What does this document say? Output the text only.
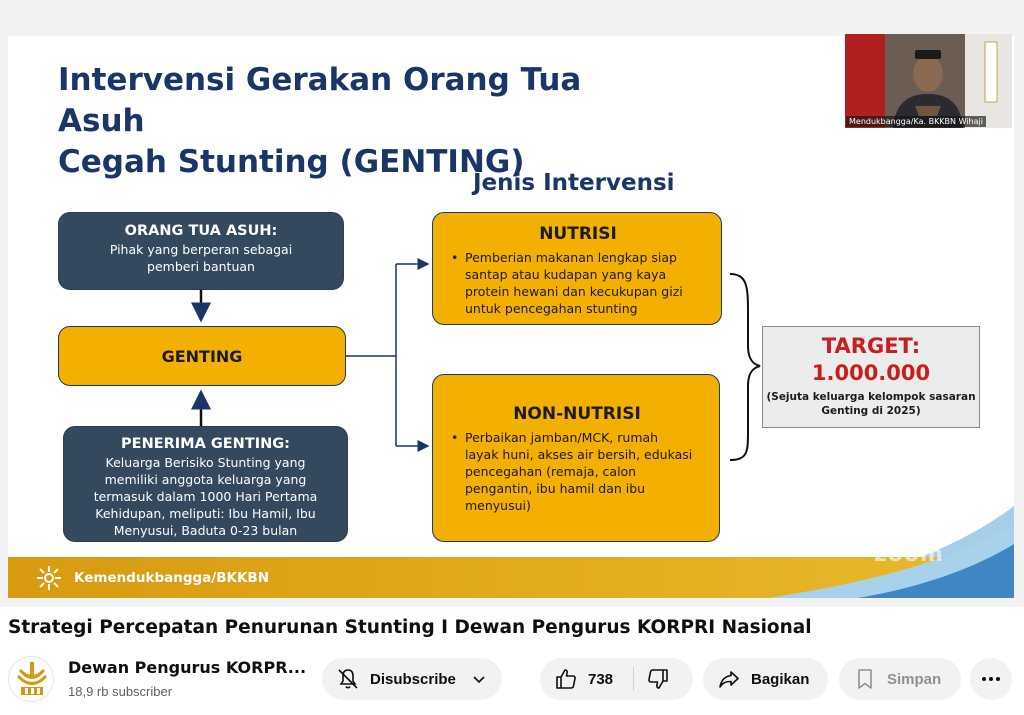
Intervensi Gerakan Orang Tua Asuh
Cegah Stunting (GENTING)
Jenis Intervensi
ORANG TUA ASUH:
Pihak yang berperan sebagai
pemberi bantuan
GENTING
PENERIMA GENTING:
Keluarga Berisiko Stunting yang
memiliki anggota keluarga yang
termasuk dalam 1000 Hari Pertama
Kehidupan, meliputi: Ibu Hamil, Ibu
Menyusui, Baduta 0-23 bulan
NUTRISI
• Pemberian makanan lengkap siap
santap atau kudapan yang kaya
protein hewani dan kecukupan gizi
untuk pencegahan stunting
NON-NUTRISI
• Perbaikan jamban/MCK, rumah
layak huni, akses air bersih, edukasi
pencegahan (remaja, calon
pengantin, ibu hamil dan ibu
menyusui)
TARGET:
1.000.000
(Sejuta keluarga kelompok sasaran
Genting di 2025)
Kemendukbangga/BKKBN
zoom
Mendukbangga/Ka. BKKBN Wihaji
Strategi Percepatan Penurunan Stunting I Dewan Pengurus KORPRI Nasional
Dewan Pengurus KORPR...
18,9 rb subscriber
Disubscribe	738	Bagikan	Simpan
